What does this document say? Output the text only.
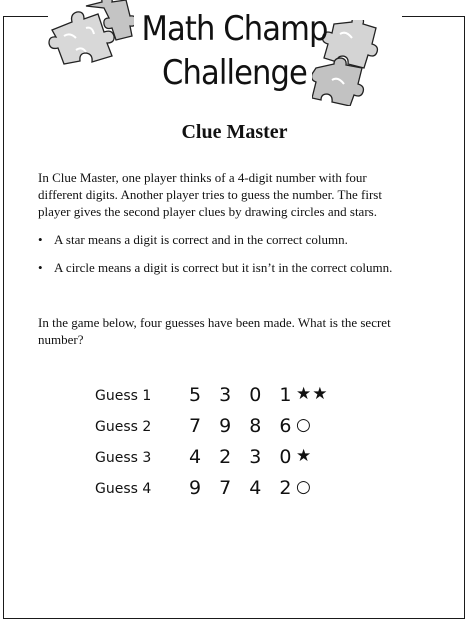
Math Champ
Challenge
Clue Master
In Clue Master, one player thinks of a 4-digit number with four different digits. Another player tries to guess the number. The first player gives the second player clues by drawing circles and stars.
• A star means a digit is correct and in the correct column.
• A circle means a digit is correct but it isn’t in the correct column.
In the game below, four guesses have been made. What is the secret number?
Guess 1 5 3 0 1
★★
Guess 2 7 9 8 6
○
Guess 3 4 2 3 0
★
Guess 4 9 7 4 2
○
